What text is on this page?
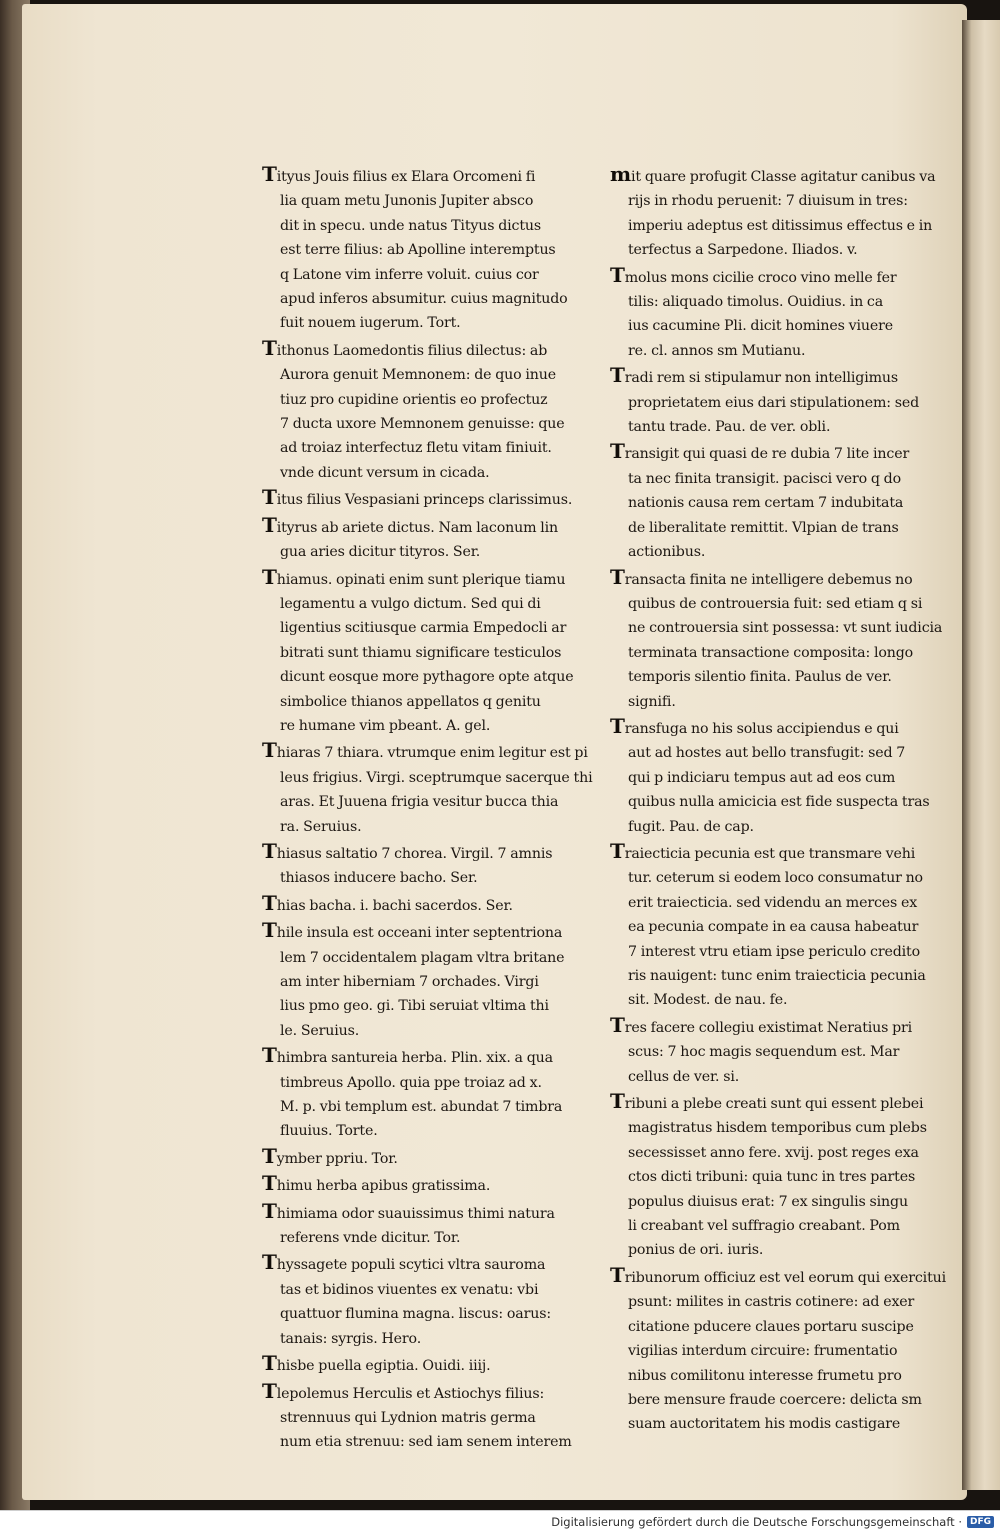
Tityus Jouis filius ex Elara Orcomeni fi
lia quam metu Junonis Jupiter absco
dit in specu. unde natus Tityus dictus
est terre filius: ab Apolline interemptus
q Latone vim inferre voluit. cuius cor
apud inferos absumitur. cuius magnitudo
fuit nouem iugerum. Tort.
Tithonus Laomedontis filius dilectus: ab
Aurora genuit Memnonem: de quo inue
tiuz pro cupidine orientis eo profectuz
7 ducta uxore Memnonem genuisse: que
ad troiaz interfectuz fletu vitam finiuit.
vnde dicunt versum in cicada.
Titus filius Vespasiani princeps clarissimus.
Tityrus ab ariete dictus. Nam laconum lin
gua aries dicitur tityros. Ser.
Thiamus. opinati enim sunt plerique tiamu
legamentu a vulgo dictum. Sed qui di
ligentius scitiusque carmia Empedocli ar
bitrati sunt thiamu significare testiculos
dicunt eosque more pythagore opte atque
simbolice thianos appellatos q genitu
re humane vim pbeant. A. gel.
Thiaras 7 thiara. vtrumque enim legitur est pi
leus frigius. Virgi. sceptrumque sacerque thi
aras. Et Juuena frigia vesitur bucca thia
ra. Seruius.
Thiasus saltatio 7 chorea. Virgil. 7 amnis
thiasos inducere bacho. Ser.
Thias bacha. i. bachi sacerdos. Ser.
Thile insula est occeani inter septentriona
lem 7 occidentalem plagam vltra britane
am inter hiberniam 7 orchades. Virgi
lius pmo geo. gi. Tibi seruiat vltima thi
le. Seruius.
Thimbra santureia herba. Plin. xix. a qua
timbreus Apollo. quia ppe troiaz ad x.
M. p. vbi templum est. abundat 7 timbra
fluuius. Torte.
Tymber ppriu. Tor.
Thimu herba apibus gratissima.
Thimiama odor suauissimus thimi natura
referens vnde dicitur. Tor.
Thyssagete populi scytici vltra sauroma
tas et bidinos viuentes ex venatu: vbi
quattuor flumina magna. liscus: oarus:
tanais: syrgis. Hero.
Thisbe puella egiptia. Ouidi. iiij.
Tlepolemus Herculis et Astiochys filius:
strennuus qui Lydnion matris germa
num etia strenuu: sed iam senem interem
mit quare profugit Classe agitatur canibus va
rijs in rhodu peruenit: 7 diuisum in tres:
imperiu adeptus est ditissimus effectus e in
terfectus a Sarpedone. Iliados. v.
Tmolus mons cicilie croco vino melle fer
tilis: aliquado timolus. Ouidius. in ca
ius cacumine Pli. dicit homines viuere
re. cl. annos sm Mutianu.
Tradi rem si stipulamur non intelligimus
proprietatem eius dari stipulationem: sed
tantu trade. Pau. de ver. obli.
Transigit qui quasi de re dubia 7 lite incer
ta nec finita transigit. pacisci vero q do
nationis causa rem certam 7 indubitata
de liberalitate remittit. Vlpian de trans
actionibus.
Transacta finita ne intelligere debemus no
quibus de controuersia fuit: sed etiam q si
ne controuersia sint possessa: vt sunt iudicia
terminata transactione composita: longo
temporis silentio finita. Paulus de ver.
signifi.
Transfuga no his solus accipiendus e qui
aut ad hostes aut bello transfugit: sed 7
qui p indiciaru tempus aut ad eos cum
quibus nulla amicicia est fide suspecta tras
fugit. Pau. de cap.
Traiecticia pecunia est que transmare vehi
tur. ceterum si eodem loco consumatur no
erit traiecticia. sed videndu an merces ex
ea pecunia compate in ea causa habeatur
7 interest vtru etiam ipse periculo credito
ris nauigent: tunc enim traiecticia pecunia
sit. Modest. de nau. fe.
Tres facere collegiu existimat Neratius pri
scus: 7 hoc magis sequendum est. Mar
cellus de ver. si.
Tribuni a plebe creati sunt qui essent plebei
magistratus hisdem temporibus cum plebs
secessisset anno fere. xvij. post reges exa
ctos dicti tribuni: quia tunc in tres partes
populus diuisus erat: 7 ex singulis singu
li creabant vel suffragio creabant. Pom
ponius de ori. iuris.
Tribunorum officiuz est vel eorum qui exercitui
psunt: milites in castris cotinere: ad exer
citatione pducere claues portaru suscipe
vigilias interdum circuire: frumentatio
nibus comilitonu interesse frumetu pro
bere mensure fraude coercere: delicta sm
suam auctoritatem his modis castigare
Digitalisierung gefördert durch die Deutsche Forschungsgemeinschaft · DFG
